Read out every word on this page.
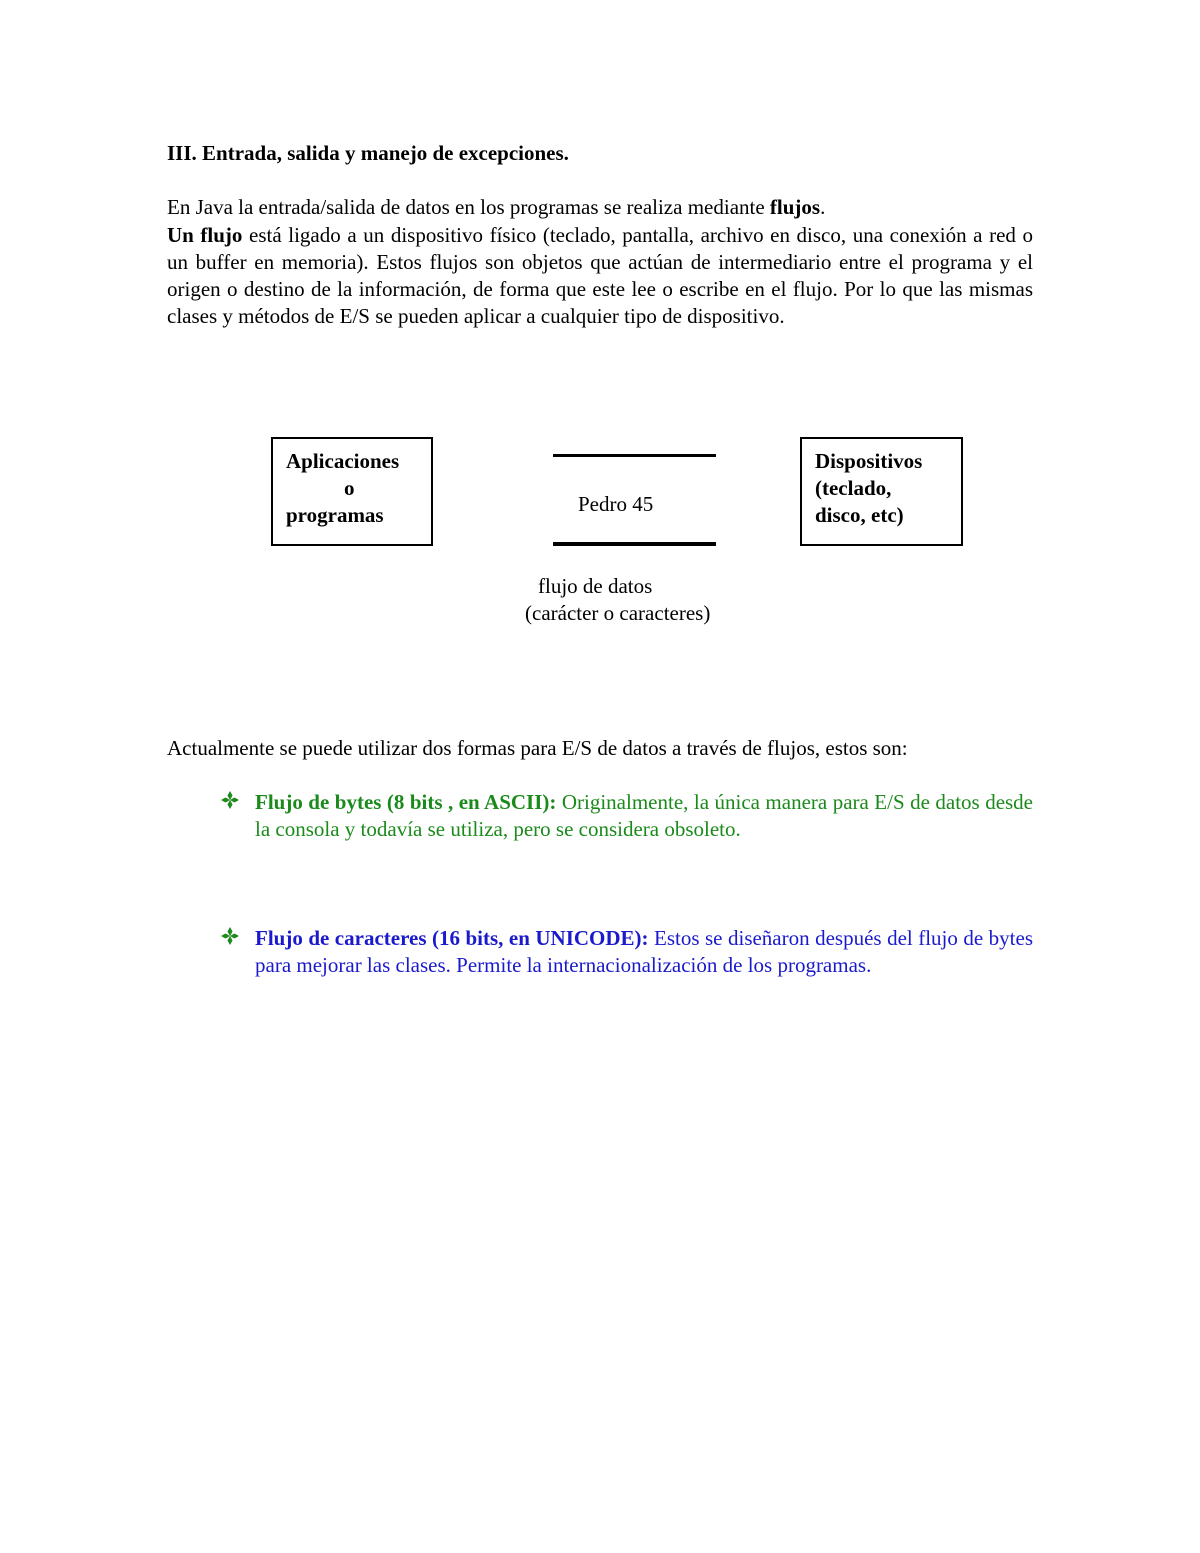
III. Entrada, salida y manejo de excepciones.

En Java la entrada/salida de datos en los programas se realiza mediante flujos.

Un flujo está ligado a un dispositivo físico (teclado, pantalla, archivo en disco, una conexión a red o un buffer en memoria). Estos flujos son objetos que actúan de intermediario entre el programa y el origen o destino de la información, de forma que este lee o escribe en el flujo. Por lo que las mismas clases y métodos de E/S se pueden aplicar a cualquier tipo de dispositivo.

Aplicaciones
o
programas	Pedro 45
Dispositivos
(teclado,
disco, etc)
flujo de datos
(carácter o caracteres)

Actualmente se puede utilizar dos formas para E/S de datos a través de flujos, estos son:

Flujo de bytes (8 bits , en ASCII): Originalmente, la única manera para E/S de datos desde la consola y todavía se utiliza, pero se considera obsoleto.
Flujo de caracteres (16 bits, en UNICODE): Estos se diseñaron después del flujo de bytes para mejorar las clases. Permite la internacionalización de los programas.
